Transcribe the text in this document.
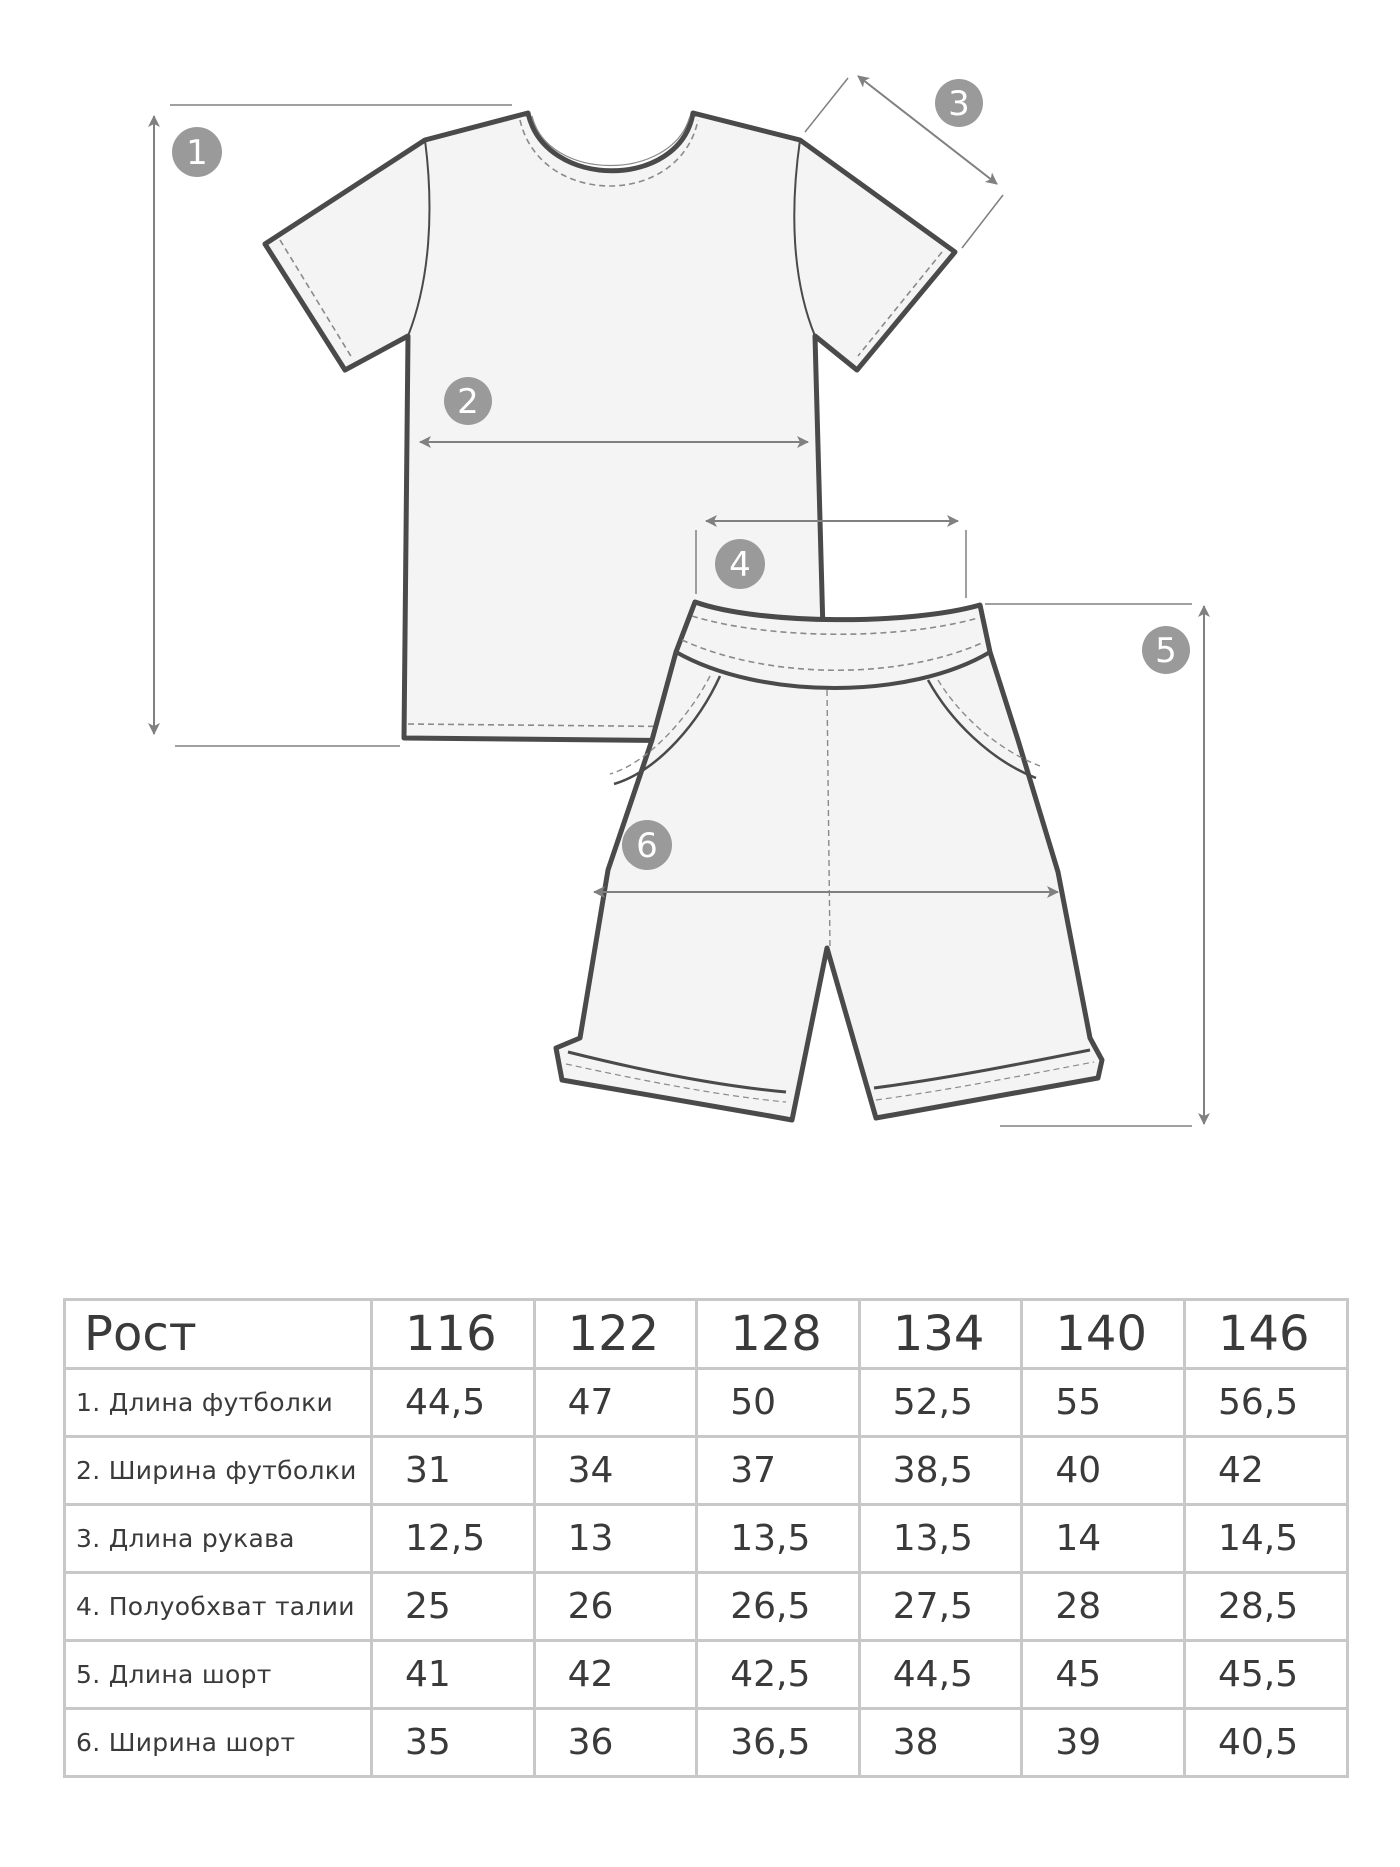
1
2
3
4
5
6
Рост	116	122	128	134	140	146
1. Длина футболки	44,5	47	50	52,5	55	56,5
2. Ширина футболки	31	34	37	38,5	40	42
3. Длина рукава	12,5	13	13,5	13,5	14	14,5
4. Полуобхват талии	25	26	26,5	27,5	28	28,5
5. Длина шорт	41	42	42,5	44,5	45	45,5
6. Ширина шорт	35	36	36,5	38	39	40,5
